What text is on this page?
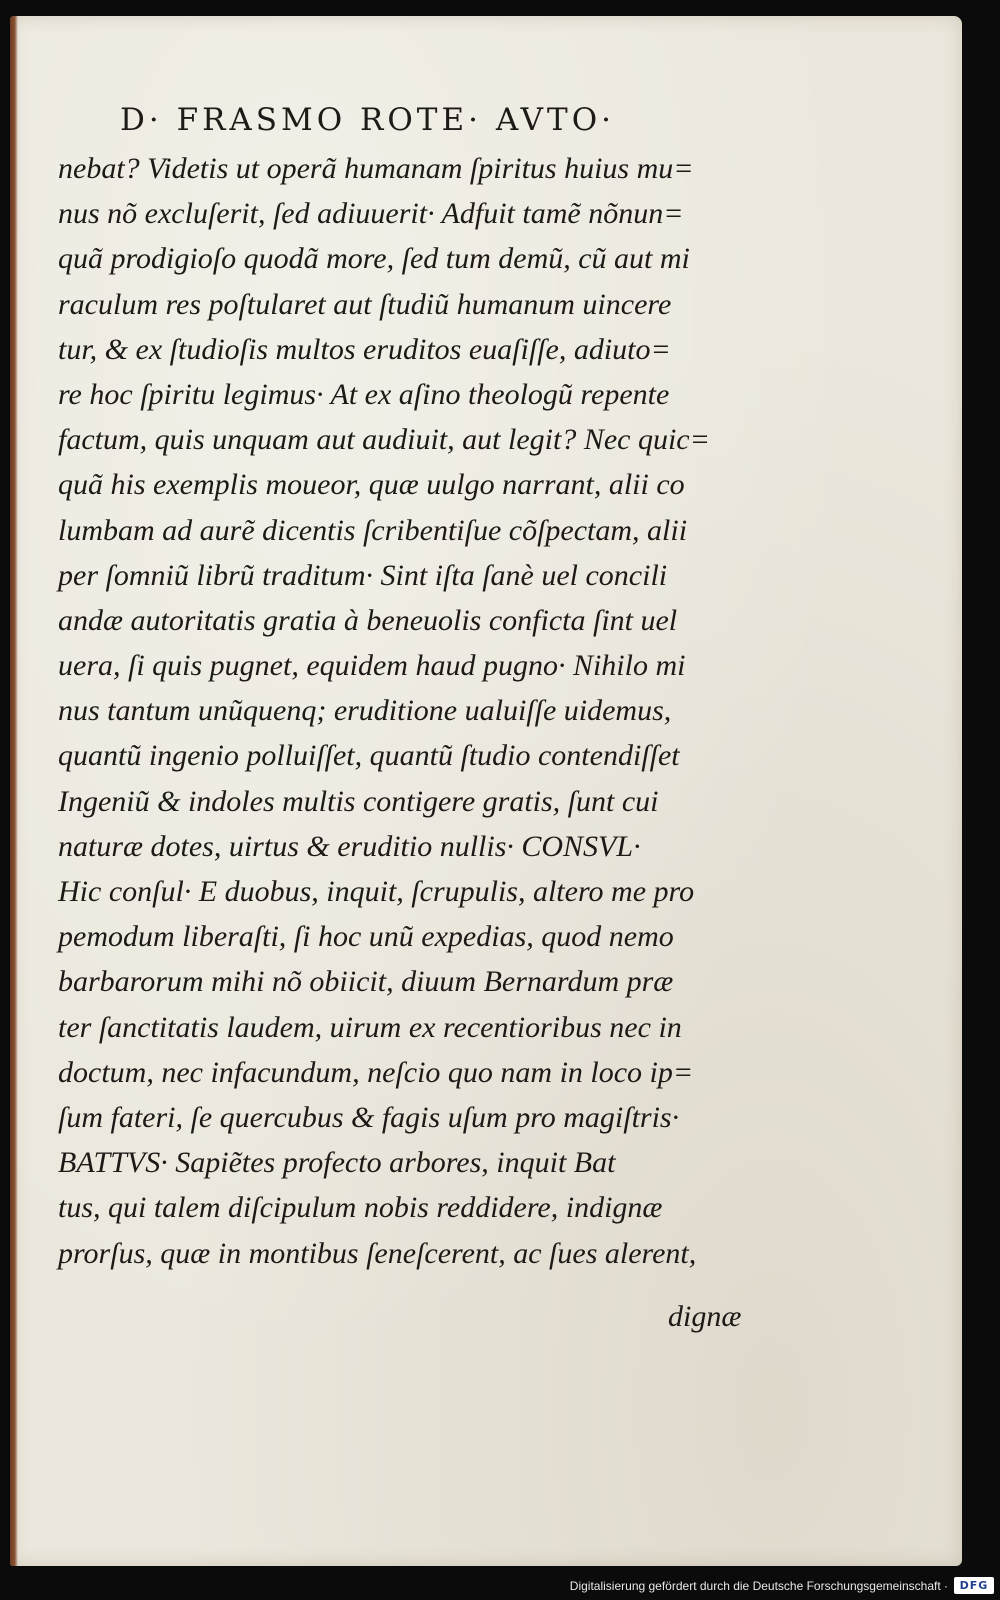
D· FRASMO ROTE· AVTO·
nebat? Videtis ut operã humanam ſpiritus huius mu=
nus nõ excluſerit, ſed adiuuerit· Adfuit tamẽ nõnun=
quã prodigioſo quodã more, ſed tum demũ, cũ aut mi
raculum res poſtularet aut ſtudiũ humanum uincere
tur, & ex ſtudioſis multos eruditos euaſiſſe, adiuto=
re hoc ſpiritu legimus· At ex aſino theologũ repente
factum, quis unquam aut audiuit, aut legit? Nec quic=
quã his exemplis moueor, quæ uulgo narrant, alii co
lumbam ad aurẽ dicentis ſcribentiſue cõſpectam, alii
per ſomniũ librũ traditum· Sint iſta ſanè uel concili
andæ autoritatis gratia à beneuolis conficta ſint uel
uera, ſi quis pugnet, equidem haud pugno· Nihilo mi
nus tantum unũquenq; eruditione ualuiſſe uidemus,
quantũ ingenio polluiſſet, quantũ ſtudio contendiſſet
Ingeniũ & indoles multis contigere gratis, ſunt cui
naturæ dotes, uirtus & eruditio nullis· CONSVL·
Hic conſul· E duobus, inquit, ſcrupulis, altero me pro
pemodum liberaſti, ſi hoc unũ expedias, quod nemo
barbarorum mihi nõ obiicit, diuum Bernardum præ
ter ſanctitatis laudem, uirum ex recentioribus nec in
doctum, nec infacundum, neſcio quo nam in loco ip=
ſum fateri, ſe quercubus & fagis uſum pro magiſtris·
BATTVS· Sapiẽtes profecto arbores, inquit Bat
tus, qui talem diſcipulum nobis reddidere, indignæ
prorſus, quæ in montibus ſeneſcerent, ac ſues alerent,
dignæ
Digitalisierung gefördert durch die Deutsche Forschungsgemeinschaft ·	DFG
